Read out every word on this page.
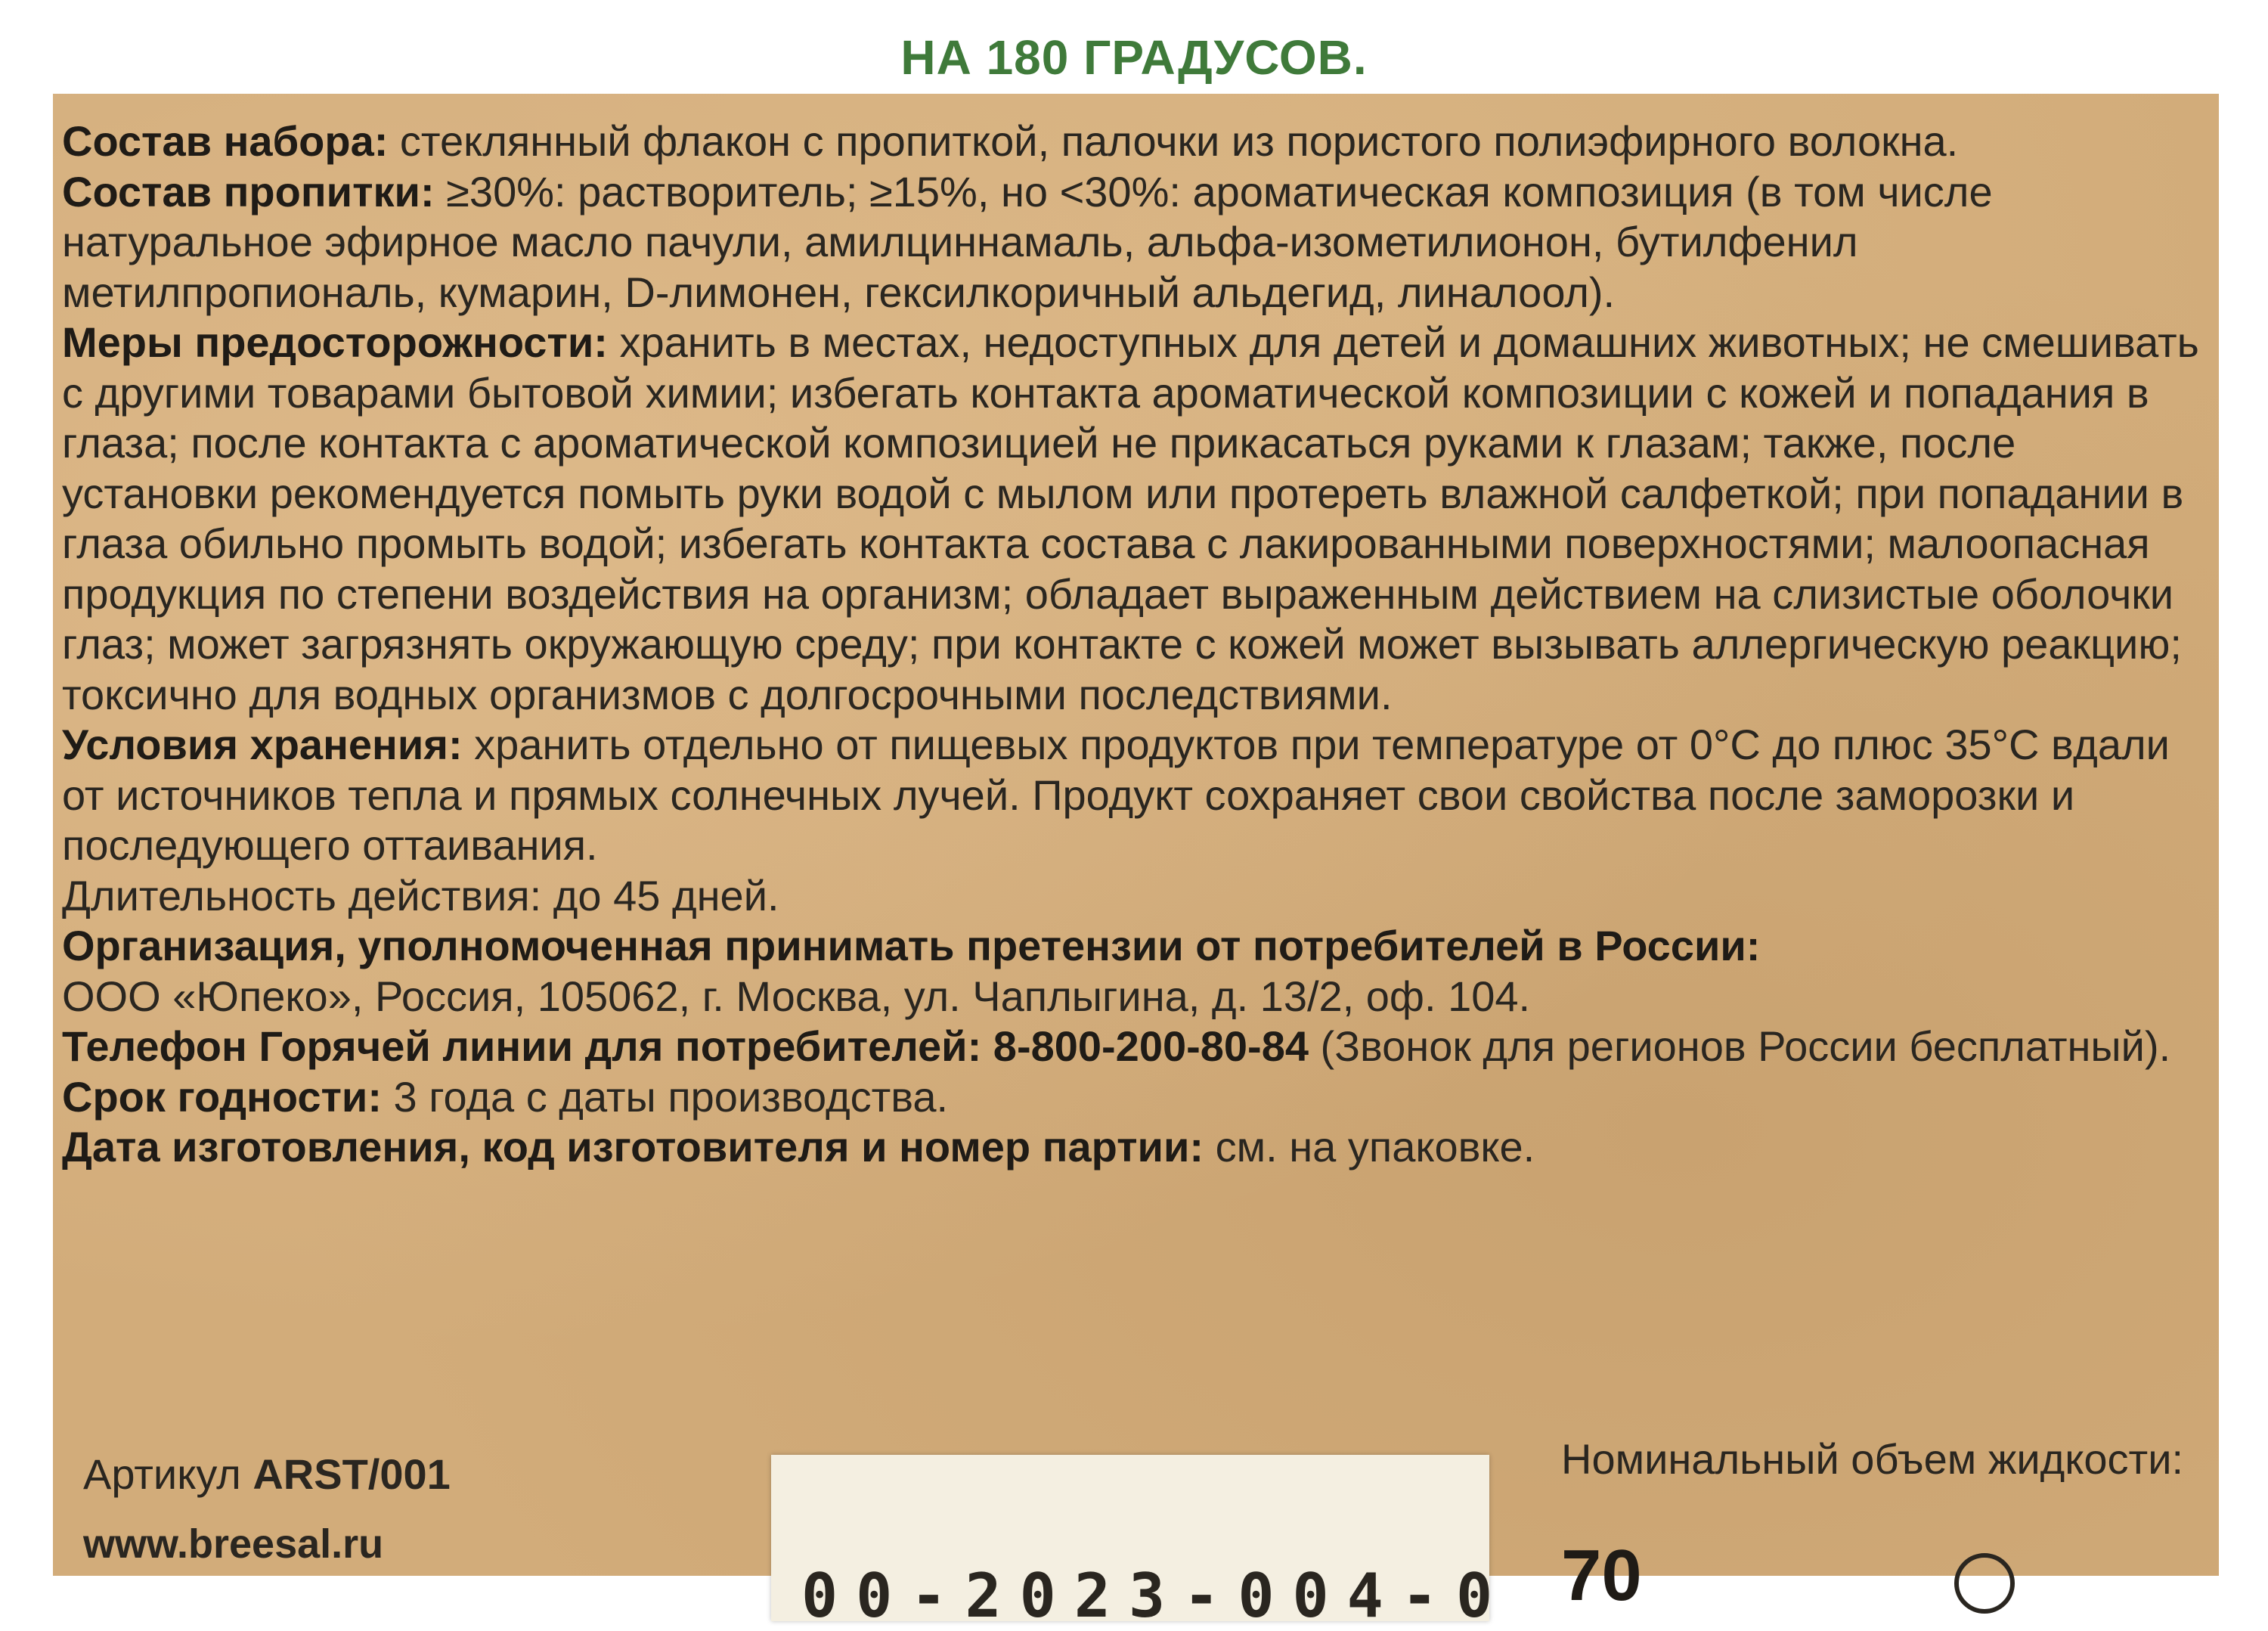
НА 180 ГРАДУСОВ.

Состав набора: стеклянный флакон с пропиткой, палочки из пористого полиэфирного волокна.

Состав пропитки: ≥30%: растворитель; ≥15%, но <30%: ароматическая композиция (в том числе натуральное эфирное масло пачули, амилциннамаль, альфа-изометилионон, бутилфенил метилпропиональ, кумарин, D-лимонен, гексилкоричный альдегид, линалоол).

Меры предосторожности: хранить в местах, недоступных для детей и домашних животных; не смешивать с другими товарами бытовой химии; избегать контакта ароматической композиции с кожей и попадания в глаза; после контакта с ароматической композицией не прикасаться руками к глазам; также, после установки рекомендуется помыть руки водой с мылом или протереть влажной салфеткой; при попадании в глаза обильно промыть водой; избегать контакта состава с лакированными поверхностями; малоопасная продукция по степени воздействия на организм; обладает выраженным действием на слизистые оболочки глаз; может загрязнять окружающую среду; при контакте с кожей может вызывать аллергическую реакцию; токсично для водных организмов с долгосрочными последствиями.

Условия хранения: хранить отдельно от пищевых продуктов при температуре от 0°С до плюс 35°С вдали от источников тепла и прямых солнечных лучей. Продукт сохраняет свои свойства после заморозки и последующего оттаивания.

Длительность действия: до 45 дней.

Организация, уполномоченная принимать претензии от потребителей в России:
ООО «Юпеко», Россия, 105062, г. Москва, ул. Чаплыгина, д. 13/2, оф. 104.

Телефон Горячей линии для потребителей: 8-800-200-80-84 (Звонок для регионов России бесплатный).

Срок годности: 3 года с даты производства.

Дата изготовления, код изготовителя и номер партии: см. на упаковке.

Артикул ARST/001
www.breesal.ru
00-2023-004-0
Номинальный объем жидкости:
70
